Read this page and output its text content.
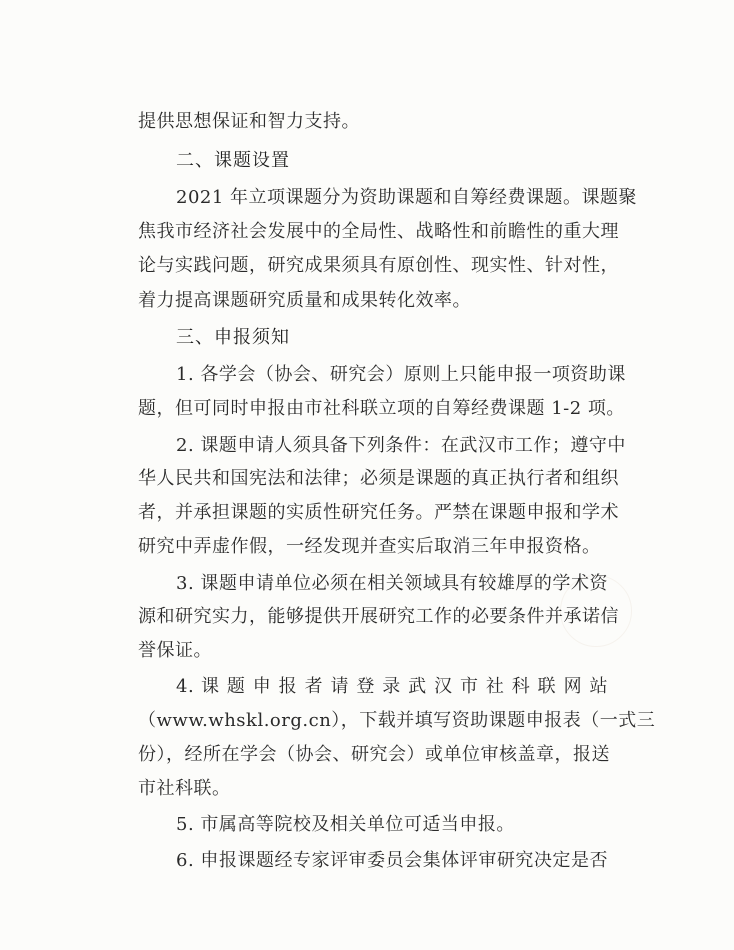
提供思想保证和智力支持。
二、课题设置
2021 年立项课题分为资助课题和自筹经费课题。课题聚
焦我市经济社会发展中的全局性、战略性和前瞻性的重大理
论与实践问题，研究成果须具有原创性、现实性、针对性，
着力提高课题研究质量和成果转化效率。
三、申报须知
1. 各学会（协会、研究会）原则上只能申报一项资助课
题，但可同时申报由市社科联立项的自筹经费课题 1-2 项。
2. 课题申请人须具备下列条件：在武汉市工作；遵守中
华人民共和国宪法和法律；必须是课题的真正执行者和组织
者，并承担课题的实质性研究任务。严禁在课题申报和学术
研究中弄虚作假，一经发现并查实后取消三年申报资格。
3. 课题申请单位必须在相关领域具有较雄厚的学术资
源和研究实力，能够提供开展研究工作的必要条件并承诺信
誉保证。
4. 课 题 申 报 者 请 登 录 武 汉 市 社 科 联 网 站
（www.whskl.org.cn），下载并填写资助课题申报表（一式三
份），经所在学会（协会、研究会）或单位审核盖章，报送
市社科联。
5. 市属高等院校及相关单位可适当申报。
6. 申报课题经专家评审委员会集体评审研究决定是否
